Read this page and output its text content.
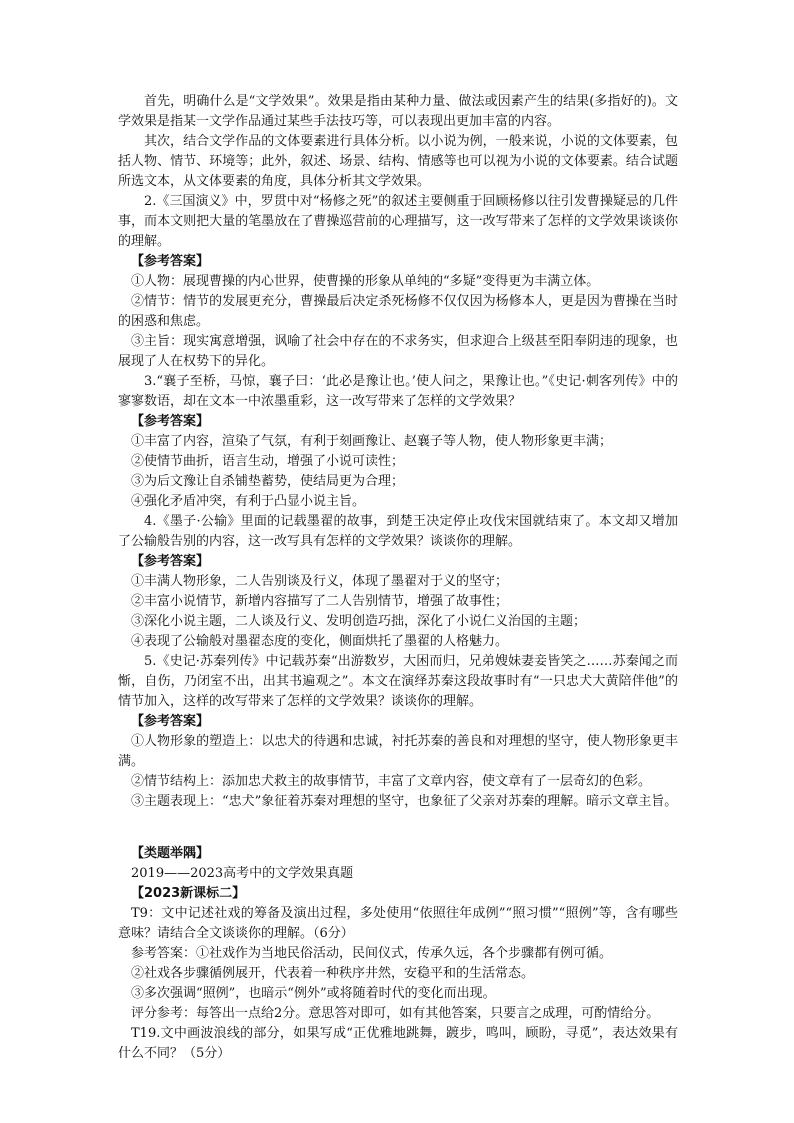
首先，明确什么是“文学效果”。效果是指由某种力量、做法或因素产生的结果(多指好的)。文学效果是指某一文学作品通过某些手法技巧等，可以表现出更加丰富的内容。

其次，结合文学作品的文体要素进行具体分析。以小说为例，一般来说，小说的文体要素，包括人物、情节、环境等；此外，叙述、场景、结构、情感等也可以视为小说的文体要素。结合试题所选文本，从文体要素的角度，具体分析其文学效果。

2.《三国演义》中，罗贯中对“杨修之死”的叙述主要侧重于回顾杨修以往引发曹操疑忌的几件事，而本文则把大量的笔墨放在了曹操巡营前的心理描写，这一改写带来了怎样的文学效果谈谈你的理解。

【参考答案】

①人物：展现曹操的内心世界，使曹操的形象从单纯的“多疑”变得更为丰满立体。

②情节：情节的发展更充分，曹操最后决定杀死杨修不仅仅因为杨修本人，更是因为曹操在当时的困惑和焦虑。

③主旨：现实寓意增强，讽喻了社会中存在的不求务实，但求迎合上级甚至阳奉阴违的现象，也展现了人在权势下的异化。

3.“襄子至桥，马惊，襄子曰：‘此必是豫让也。’使人问之，果豫让也。”《史记·刺客列传》中的寥寥数语，却在文本一中浓墨重彩，这一改写带来了怎样的文学效果？

【参考答案】

①丰富了内容，渲染了气氛，有利于刻画豫让、赵襄子等人物，使人物形象更丰满；

②使情节曲折，语言生动，增强了小说可读性；

③为后文豫让自杀铺垫蓄势，使结局更为合理；

④强化矛盾冲突，有利于凸显小说主旨。

4.《墨子·公输》里面的记载墨翟的故事，到楚王决定停止攻伐宋国就结束了。本文却又增加了公输般告别的内容，这一改写具有怎样的文学效果？谈谈你的理解。

【参考答案】

①丰满人物形象，二人告别谈及行义，体现了墨翟对于义的坚守；

②丰富小说情节，新增内容描写了二人告别情节，增强了故事性；

③深化小说主题，二人谈及行义、发明创造巧拙，深化了小说仁义治国的主题；

④表现了公输般对墨翟态度的变化，侧面烘托了墨翟的人格魅力。

5.《史记·苏秦列传》中记载苏秦“出游数岁，大困而归，兄弟嫂妹妻妾皆笑之……苏秦闻之而惭，自伤，乃闭室不出，出其书遍观之”。本文在演绎苏秦这段故事时有“一只忠犬大黄陪伴他”的情节加入，这样的改写带来了怎样的文学效果？谈谈你的理解。

【参考答案】

①人物形象的塑造上：以忠犬的待遇和忠诚，衬托苏秦的善良和对理想的坚守，使人物形象更丰满。

②情节结构上：添加忠犬救主的故事情节，丰富了文章内容，使文章有了一层奇幻的色彩。

③主题表现上：“忠犬”象征着苏秦对理想的坚守，也象征了父亲对苏秦的理解。暗示文章主旨。

【类题举隅】

2019——2023高考中的文学效果真题

【2023新课标二】

T9：文中记述社戏的筹备及演出过程，多处使用“依照往年成例”“照习惯”“照例”等，含有哪些意味？请结合全文谈谈你的理解。（6分）

参考答案：①社戏作为当地民俗活动，民间仪式，传承久远，各个步骤都有例可循。

②社戏各步骤循例展开，代表着一种秩序井然，安稳平和的生活常态。

③多次强调“照例”，也暗示“例外”或将随着时代的变化而出现。

评分参考：每答出一点给2分。意思答对即可，如有其他答案，只要言之成理，可酌情给分。

T19.文中画波浪线的部分，如果写成“正优雅地跳舞，踱步，鸣叫，顾盼，寻觅”，表达效果有什么不同？（5分）
